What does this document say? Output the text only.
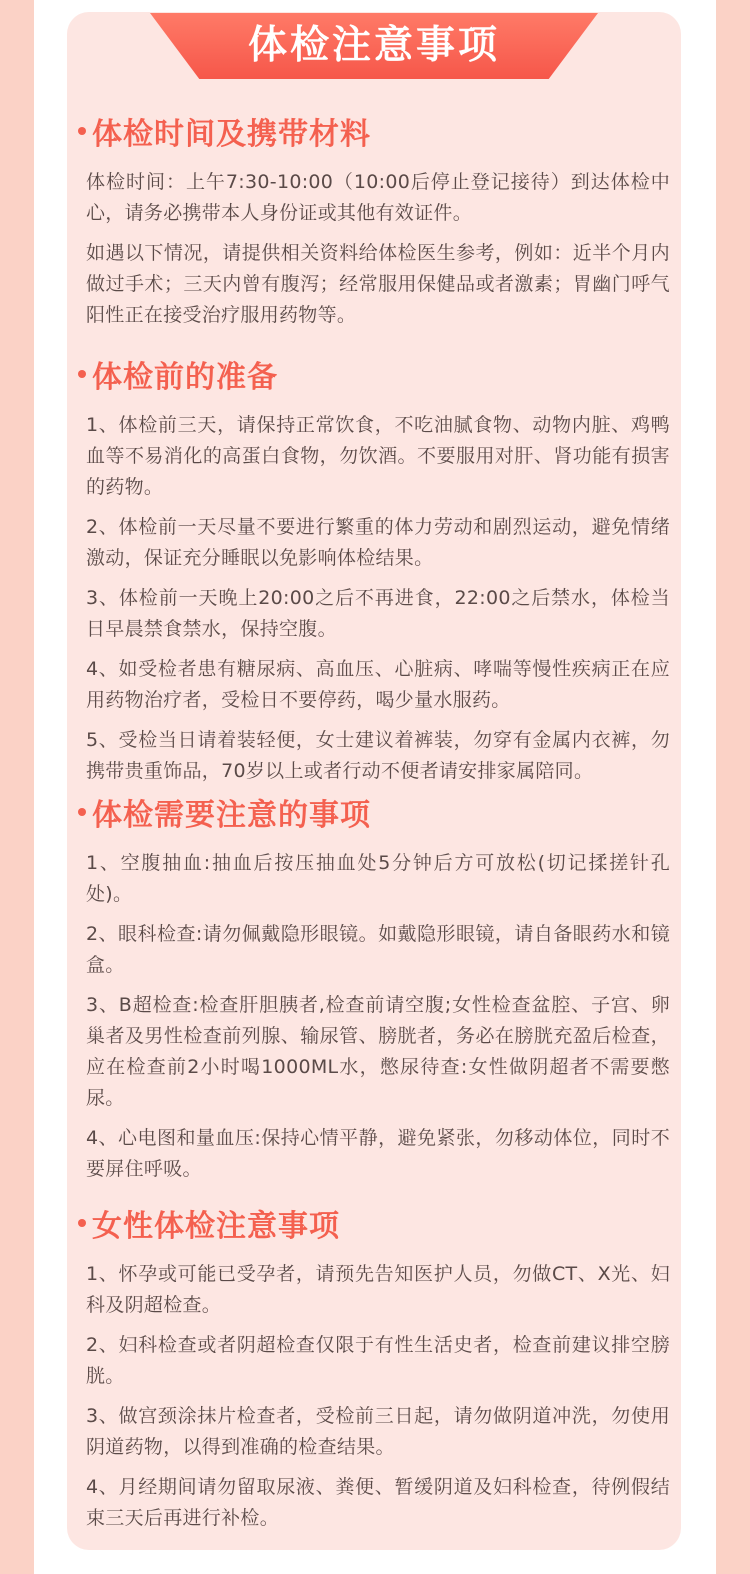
体检注意事项
体检时间及携带材料

体检时间：上午7:30-10:00（10:00后停止登记接待）到达体检中心，请务必携带本人身份证或其他有效证件。

如遇以下情况，请提供相关资料给体检医生参考，例如：近半个月内做过手术；三天内曾有腹泻；经常服用保健品或者激素；胃幽门呼气阳性正在接受治疗服用药物等。

体检前的准备

1、体检前三天，请保持正常饮食，不吃油腻食物、动物内脏、鸡鸭血等不易消化的高蛋白食物，勿饮酒。不要服用对肝、肾功能有损害的药物。

2、体检前一天尽量不要进行繁重的体力劳动和剧烈运动，避免情绪激动，保证充分睡眠以免影响体检结果。

3、体检前一天晚上20:00之后不再进食，22:00之后禁水，体检当日早晨禁食禁水，保持空腹。

4、如受检者患有糖尿病、高血压、心脏病、哮喘等慢性疾病正在应用药物治疗者，受检日不要停药，喝少量水服药。

5、受检当日请着装轻便，女士建议着裤装，勿穿有金属内衣裤，勿携带贵重饰品，70岁以上或者行动不便者请安排家属陪同。

体检需要注意的事项

1、空腹抽血:抽血后按压抽血处5分钟后方可放松(切记揉搓针孔处)。

2、眼科检查:请勿佩戴隐形眼镜。如戴隐形眼镜，请自备眼药水和镜盒。

3、B超检查:检查肝胆胰者,检查前请空腹;女性检查盆腔、子宫、卵巢者及男性检查前列腺、输尿管、膀胱者，务必在膀胱充盈后检查，应在检查前2小时喝1000ML水，憋尿待查:女性做阴超者不需要憋尿。

4、心电图和量血压:保持心情平静，避免紧张，勿移动体位，同时不要屏住呼吸。

女性体检注意事项

1、怀孕或可能已受孕者，请预先告知医护人员，勿做CT、X光、妇科及阴超检查。

2、妇科检查或者阴超检查仅限于有性生活史者，检查前建议排空膀胱。

3、做宫颈涂抹片检查者，受检前三日起，请勿做阴道冲洗，勿使用阴道药物，以得到准确的检查结果。

4、月经期间请勿留取尿液、粪便、暂缓阴道及妇科检查，待例假结束三天后再进行补检。
